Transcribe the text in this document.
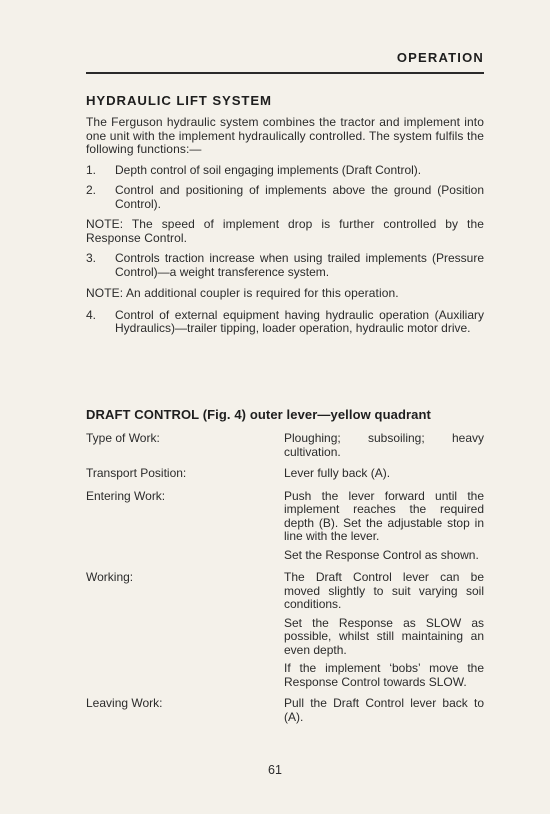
OPERATION
HYDRAULIC LIFT SYSTEM

The Ferguson hydraulic system combines the tractor and implement into one unit with the implement hydraulically controlled. The system fulfils the following functions:—

1.	Depth control of soil engaging implements (Draft Control).
2.	Control and positioning of implements above the ground (Position Control).

NOTE: The speed of implement drop is further controlled by the Response Control.

3.	Controls traction increase when using trailed implements (Pressure Control)—a weight transference system.

NOTE: An additional coupler is required for this operation.

4.	Control of external equipment having hydraulic operation (Auxiliary Hydraulics)—trailer tipping, loader operation, hydraulic motor drive.
DRAFT CONTROL (Fig. 4) outer lever—yellow quadrant
Type of Work:	Ploughing; subsoiling; heavy cultivation.

Transport Position:	Lever fully back (A).

Entering Work:	Push the lever forward until the implement reaches the required depth (B). Set the adjustable stop in line with the lever.

Set the Response Control as shown.

Working:	The Draft Control lever can be moved slightly to suit varying soil conditions.

Set the Response as SLOW as possible, whilst still maintaining an even depth.

If the implement ‘bobs’ move the Response Control towards SLOW.

Leaving Work:	Pull the Draft Control lever back to (A).

61
